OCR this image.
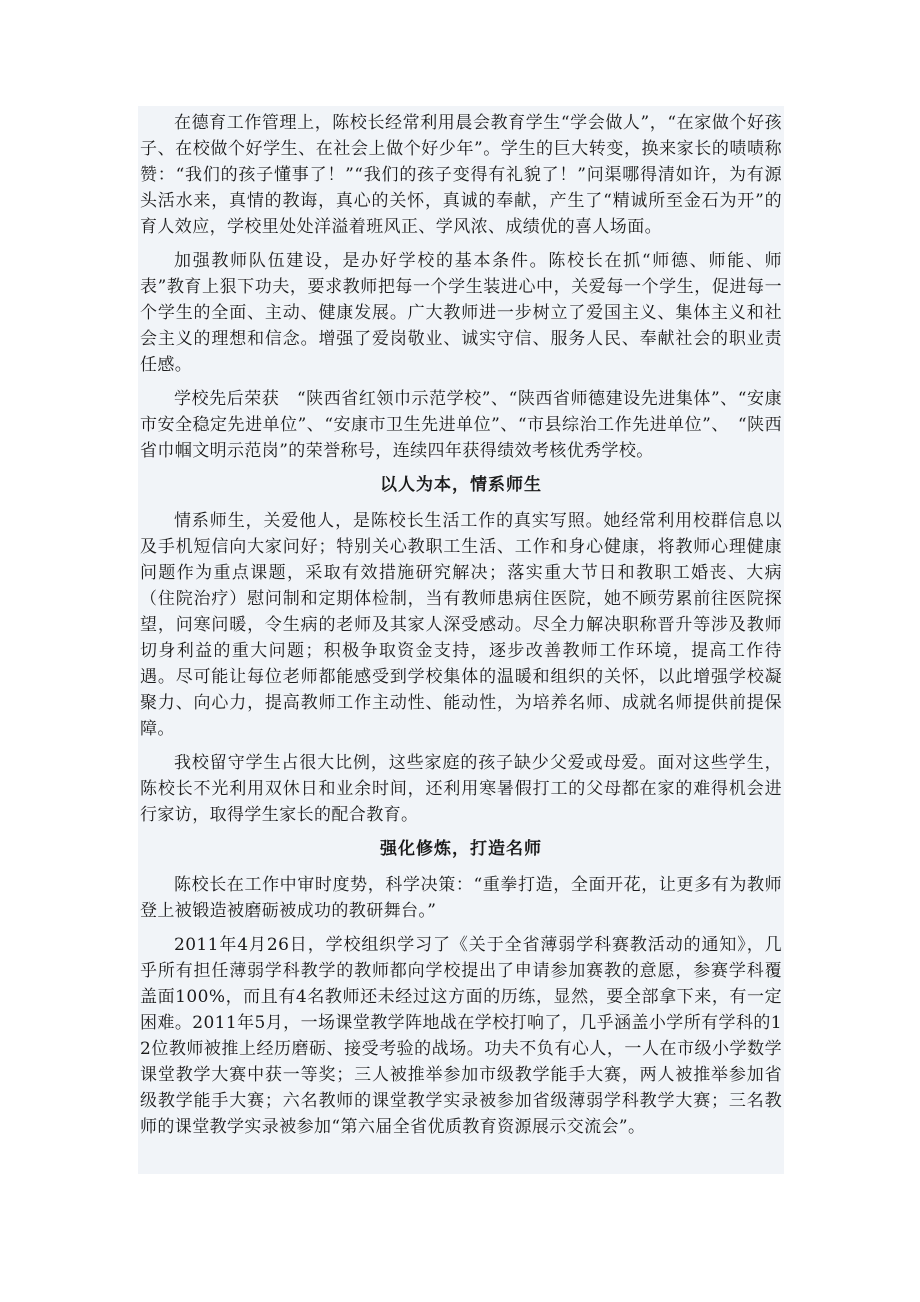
在德育工作管理上，陈校长经常利用晨会教育学生“学会做人”，“在家做个好孩子、在校做个好学生、在社会上做个好少年”。学生的巨大转变，换来家长的啧啧称赞：“我们的孩子懂事了！”“我们的孩子变得有礼貌了！”问渠哪得清如许，为有源头活水来，真情的教诲，真心的关怀，真诚的奉献，产生了“精诚所至金石为开”的育人效应，学校里处处洋溢着班风正、学风浓、成绩优的喜人场面。

加强教师队伍建设，是办好学校的基本条件。陈校长在抓“师德、师能、师表”教育上狠下功夫，要求教师把每一个学生装进心中，关爱每一个学生，促进每一个学生的全面、主动、健康发展。广大教师进一步树立了爱国主义、集体主义和社会主义的理想和信念。增强了爱岗敬业、诚实守信、服务人民、奉献社会的职业责任感。

学校先后荣获　“陕西省红领巾示范学校”、“陕西省师德建设先进集体”、“安康市安全稳定先进单位”、“安康市卫生先进单位”、“市县综治工作先进单位”、　“陕西省巾帼文明示范岗”的荣誉称号，连续四年获得绩效考核优秀学校。

以人为本，情系师生

情系师生，关爱他人，是陈校长生活工作的真实写照。她经常利用校群信息以及手机短信向大家问好；特别关心教职工生活、工作和身心健康，将教师心理健康问题作为重点课题，采取有效措施研究解决；落实重大节日和教职工婚丧、大病（住院治疗）慰问制和定期体检制，当有教师患病住医院，她不顾劳累前往医院探望，问寒问暖，令生病的老师及其家人深受感动。尽全力解决职称晋升等涉及教师切身利益的重大问题；积极争取资金支持，逐步改善教师工作环境，提高工作待遇。尽可能让每位老师都能感受到学校集体的温暖和组织的关怀，以此增强学校凝聚力、向心力，提高教师工作主动性、能动性，为培养名师、成就名师提供前提保障。

我校留守学生占很大比例，这些家庭的孩子缺少父爱或母爱。面对这些学生，陈校长不光利用双休日和业余时间，还利用寒暑假打工的父母都在家的难得机会进行家访，取得学生家长的配合教育。

强化修炼，打造名师

陈校长在工作中审时度势，科学决策：“重拳打造，全面开花，让更多有为教师登上被锻造被磨砺被成功的教研舞台。”

2011年4月26日，学校组织学习了《关于全省薄弱学科赛教活动的通知》，几乎所有担任薄弱学科教学的教师都向学校提出了申请参加赛教的意愿，参赛学科覆盖面100%，而且有4名教师还未经过这方面的历练，显然，要全部拿下来，有一定困难。2011年5月，一场课堂教学阵地战在学校打响了，几乎涵盖小学所有学科的12位教师被推上经历磨砺、接受考验的战场。功夫不负有心人，一人在市级小学数学课堂教学大赛中获一等奖；三人被推举参加市级教学能手大赛，两人被推举参加省级教学能手大赛；六名教师的课堂教学实录被参加省级薄弱学科教学大赛；三名教师的课堂教学实录被参加“第六届全省优质教育资源展示交流会”。
